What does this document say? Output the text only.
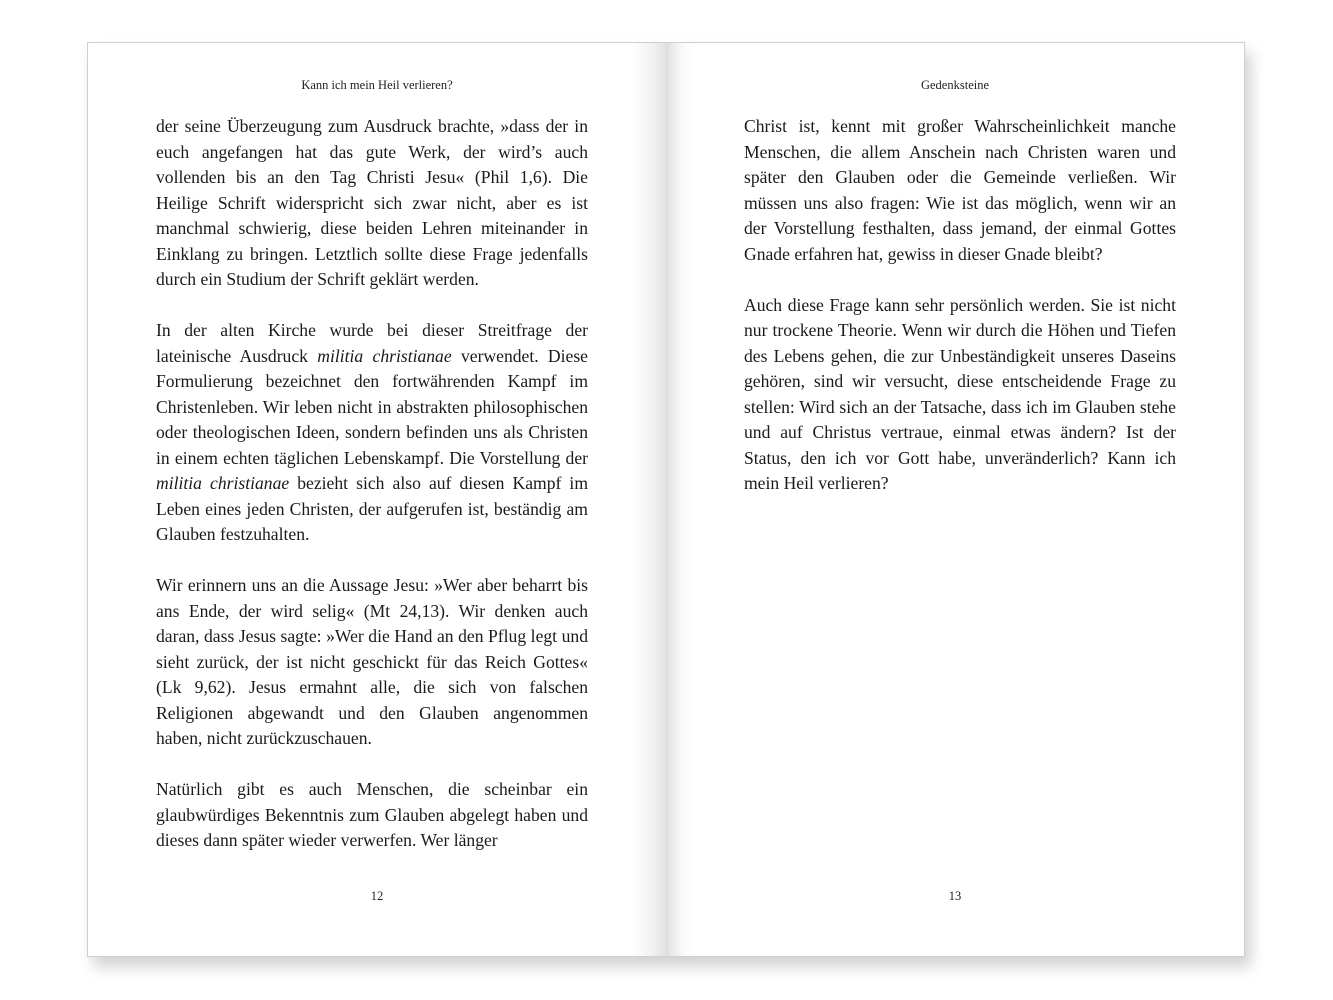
Kann ich mein Heil verlieren?

der seine Überzeugung zum Ausdruck brachte, »dass der in euch angefangen hat das gute Werk, der wird’s auch vollenden bis an den Tag Christi Jesu« (Phil 1,6). Die Heilige Schrift widerspricht sich zwar nicht, aber es ist manchmal schwierig, diese beiden Lehren miteinander in Einklang zu bringen. Letztlich sollte diese Frage jedenfalls durch ein Studium der Schrift geklärt werden.

In der alten Kirche wurde bei dieser Streitfrage der lateinische Ausdruck militia christianae verwendet. Diese Formulierung bezeichnet den fortwährenden Kampf im Christenleben. Wir leben nicht in abstrakten philosophischen oder theologischen Ideen, sondern befinden uns als Christen in einem echten täglichen Lebenskampf. Die Vorstellung der militia christianae bezieht sich also auf diesen Kampf im Leben eines jeden Christen, der aufgerufen ist, beständig am Glauben festzuhalten.

Wir erinnern uns an die Aussage Jesu: »Wer aber beharrt bis ans Ende, der wird selig« (Mt 24,13). Wir denken auch daran, dass Jesus sagte: »Wer die Hand an den Pflug legt und sieht zurück, der ist nicht geschickt für das Reich Gottes« (Lk 9,62). Jesus ermahnt alle, die sich von falschen Religionen abgewandt und den Glauben angenommen haben, nicht zurückzuschauen.

Natürlich gibt es auch Menschen, die scheinbar ein glaubwürdiges Bekenntnis zum Glauben abgelegt haben und dieses dann später wieder verwerfen. Wer länger

12
Gedenksteine

Christ ist, kennt mit großer Wahrscheinlichkeit manche Menschen, die allem Anschein nach Christen waren und später den Glauben oder die Gemeinde verließen. Wir müssen uns also fragen: Wie ist das möglich, wenn wir an der Vorstellung festhalten, dass jemand, der einmal Gottes Gnade erfahren hat, gewiss in dieser Gnade bleibt?

Auch diese Frage kann sehr persönlich werden. Sie ist nicht nur trockene Theorie. Wenn wir durch die Höhen und Tiefen des Lebens gehen, die zur Unbeständigkeit unseres Daseins gehören, sind wir versucht, diese entscheidende Frage zu stellen: Wird sich an der Tatsache, dass ich im Glauben stehe und auf Christus vertraue, einmal etwas ändern? Ist der Status, den ich vor Gott habe, unveränderlich? Kann ich mein Heil verlieren?

13
